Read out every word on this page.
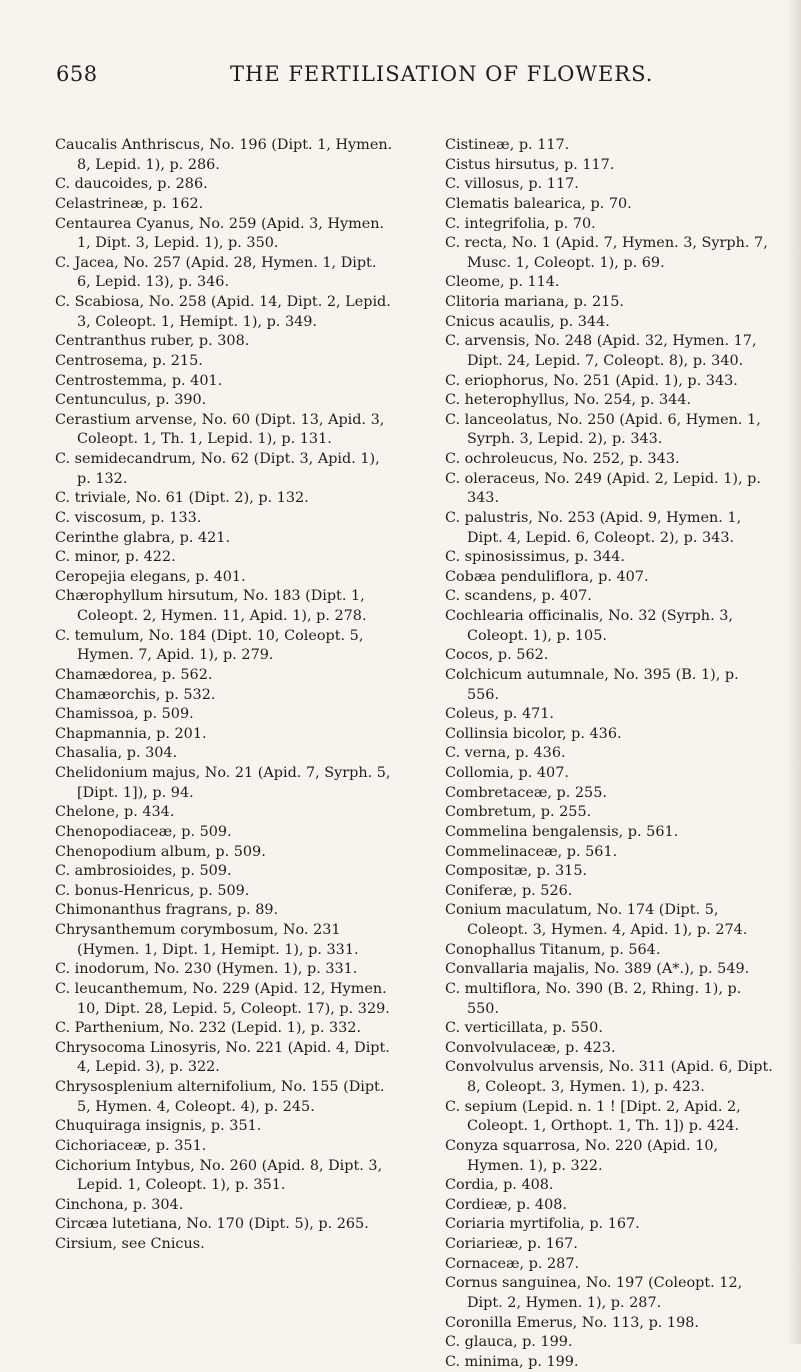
658	THE FERTILISATION OF FLOWERS.

Caucalis Anthriscus, No. 196 (Dipt. 1, Hymen. 8, Lepid. 1), p. 286.

C. daucoides, p. 286.

Celastrineæ, p. 162.

Centaurea Cyanus, No. 259 (Apid. 3, Hymen. 1, Dipt. 3, Lepid. 1), p. 350.

C. Jacea, No. 257 (Apid. 28, Hymen. 1, Dipt. 6, Lepid. 13), p. 346.

C. Scabiosa, No. 258 (Apid. 14, Dipt. 2, Lepid. 3, Coleopt. 1, Hemipt. 1), p. 349.

Centranthus ruber, p. 308.

Centrosema, p. 215.

Centrostemma, p. 401.

Centunculus, p. 390.

Cerastium arvense, No. 60 (Dipt. 13, Apid. 3, Coleopt. 1, Th. 1, Lepid. 1), p. 131.

C. semidecandrum, No. 62 (Dipt. 3, Apid. 1), p. 132.

C. triviale, No. 61 (Dipt. 2), p. 132.

C. viscosum, p. 133.

Cerinthe glabra, p. 421.

C. minor, p. 422.

Ceropejia elegans, p. 401.

Chærophyllum hirsutum, No. 183 (Dipt. 1, Coleopt. 2, Hymen. 11, Apid. 1), p. 278.

C. temulum, No. 184 (Dipt. 10, Coleopt. 5, Hymen. 7, Apid. 1), p. 279.

Chamædorea, p. 562.

Chamæorchis, p. 532.

Chamissoa, p. 509.

Chapmannia, p. 201.

Chasalia, p. 304.

Chelidonium majus, No. 21 (Apid. 7, Syrph. 5, [Dipt. 1]), p. 94.

Chelone, p. 434.

Chenopodiaceæ, p. 509.

Chenopodium album, p. 509.

C. ambrosioides, p. 509.

C. bonus-Henricus, p. 509.

Chimonanthus fragrans, p. 89.

Chrysanthemum corymbosum, No. 231 (Hymen. 1, Dipt. 1, Hemipt. 1), p. 331.

C. inodorum, No. 230 (Hymen. 1), p. 331.

C. leucanthemum, No. 229 (Apid. 12, Hymen. 10, Dipt. 28, Lepid. 5, Coleopt. 17), p. 329.

C. Parthenium, No. 232 (Lepid. 1), p. 332.

Chrysocoma Linosyris, No. 221 (Apid. 4, Dipt. 4, Lepid. 3), p. 322.

Chrysosplenium alternifolium, No. 155 (Dipt. 5, Hymen. 4, Coleopt. 4), p. 245.

Chuquiraga insignis, p. 351.

Cichoriaceæ, p. 351.

Cichorium Intybus, No. 260 (Apid. 8, Dipt. 3, Lepid. 1, Coleopt. 1), p. 351.

Cinchona, p. 304.

Circæa lutetiana, No. 170 (Dipt. 5), p. 265.

Cirsium, see Cnicus.

Cistineæ, p. 117.

Cistus hirsutus, p. 117.

C. villosus, p. 117.

Clematis balearica, p. 70.

C. integrifolia, p. 70.

C. recta, No. 1 (Apid. 7, Hymen. 3, Syrph. 7, Musc. 1, Coleopt. 1), p. 69.

Cleome, p. 114.

Clitoria mariana, p. 215.

Cnicus acaulis, p. 344.

C. arvensis, No. 248 (Apid. 32, Hymen. 17, Dipt. 24, Lepid. 7, Coleopt. 8), p. 340.

C. eriophorus, No. 251 (Apid. 1), p. 343.

C. heterophyllus, No. 254, p. 344.

C. lanceolatus, No. 250 (Apid. 6, Hymen. 1, Syrph. 3, Lepid. 2), p. 343.

C. ochroleucus, No. 252, p. 343.

C. oleraceus, No. 249 (Apid. 2, Lepid. 1), p. 343.

C. palustris, No. 253 (Apid. 9, Hymen. 1, Dipt. 4, Lepid. 6, Coleopt. 2), p. 343.

C. spinosissimus, p. 344.

Cobæa penduliflora, p. 407.

C. scandens, p. 407.

Cochlearia officinalis, No. 32 (Syrph. 3, Coleopt. 1), p. 105.

Cocos, p. 562.

Colchicum autumnale, No. 395 (B. 1), p. 556.

Coleus, p. 471.

Collinsia bicolor, p. 436.

C. verna, p. 436.

Collomia, p. 407.

Combretaceæ, p. 255.

Combretum, p. 255.

Commelina bengalensis, p. 561.

Commelinaceæ, p. 561.

Compositæ, p. 315.

Coniferæ, p. 526.

Conium maculatum, No. 174 (Dipt. 5, Coleopt. 3, Hymen. 4, Apid. 1), p. 274.

Conophallus Titanum, p. 564.

Convallaria majalis, No. 389 (A*.), p. 549.

C. multiflora, No. 390 (B. 2, Rhing. 1), p. 550.

C. verticillata, p. 550.

Convolvulaceæ, p. 423.

Convolvulus arvensis, No. 311 (Apid. 6, Dipt. 8, Coleopt. 3, Hymen. 1), p. 423.

C. sepium (Lepid. n. 1 ! [Dipt. 2, Apid. 2, Coleopt. 1, Orthopt. 1, Th. 1]) p. 424.

Conyza squarrosa, No. 220 (Apid. 10, Hymen. 1), p. 322.

Cordia, p. 408.

Cordieæ, p. 408.

Coriaria myrtifolia, p. 167.

Coriarieæ, p. 167.

Cornaceæ, p. 287.

Cornus sanguinea, No. 197 (Coleopt. 12, Dipt. 2, Hymen. 1), p. 287.

Coronilla Emerus, No. 113, p. 198.

C. glauca, p. 199.

C. minima, p. 199.
